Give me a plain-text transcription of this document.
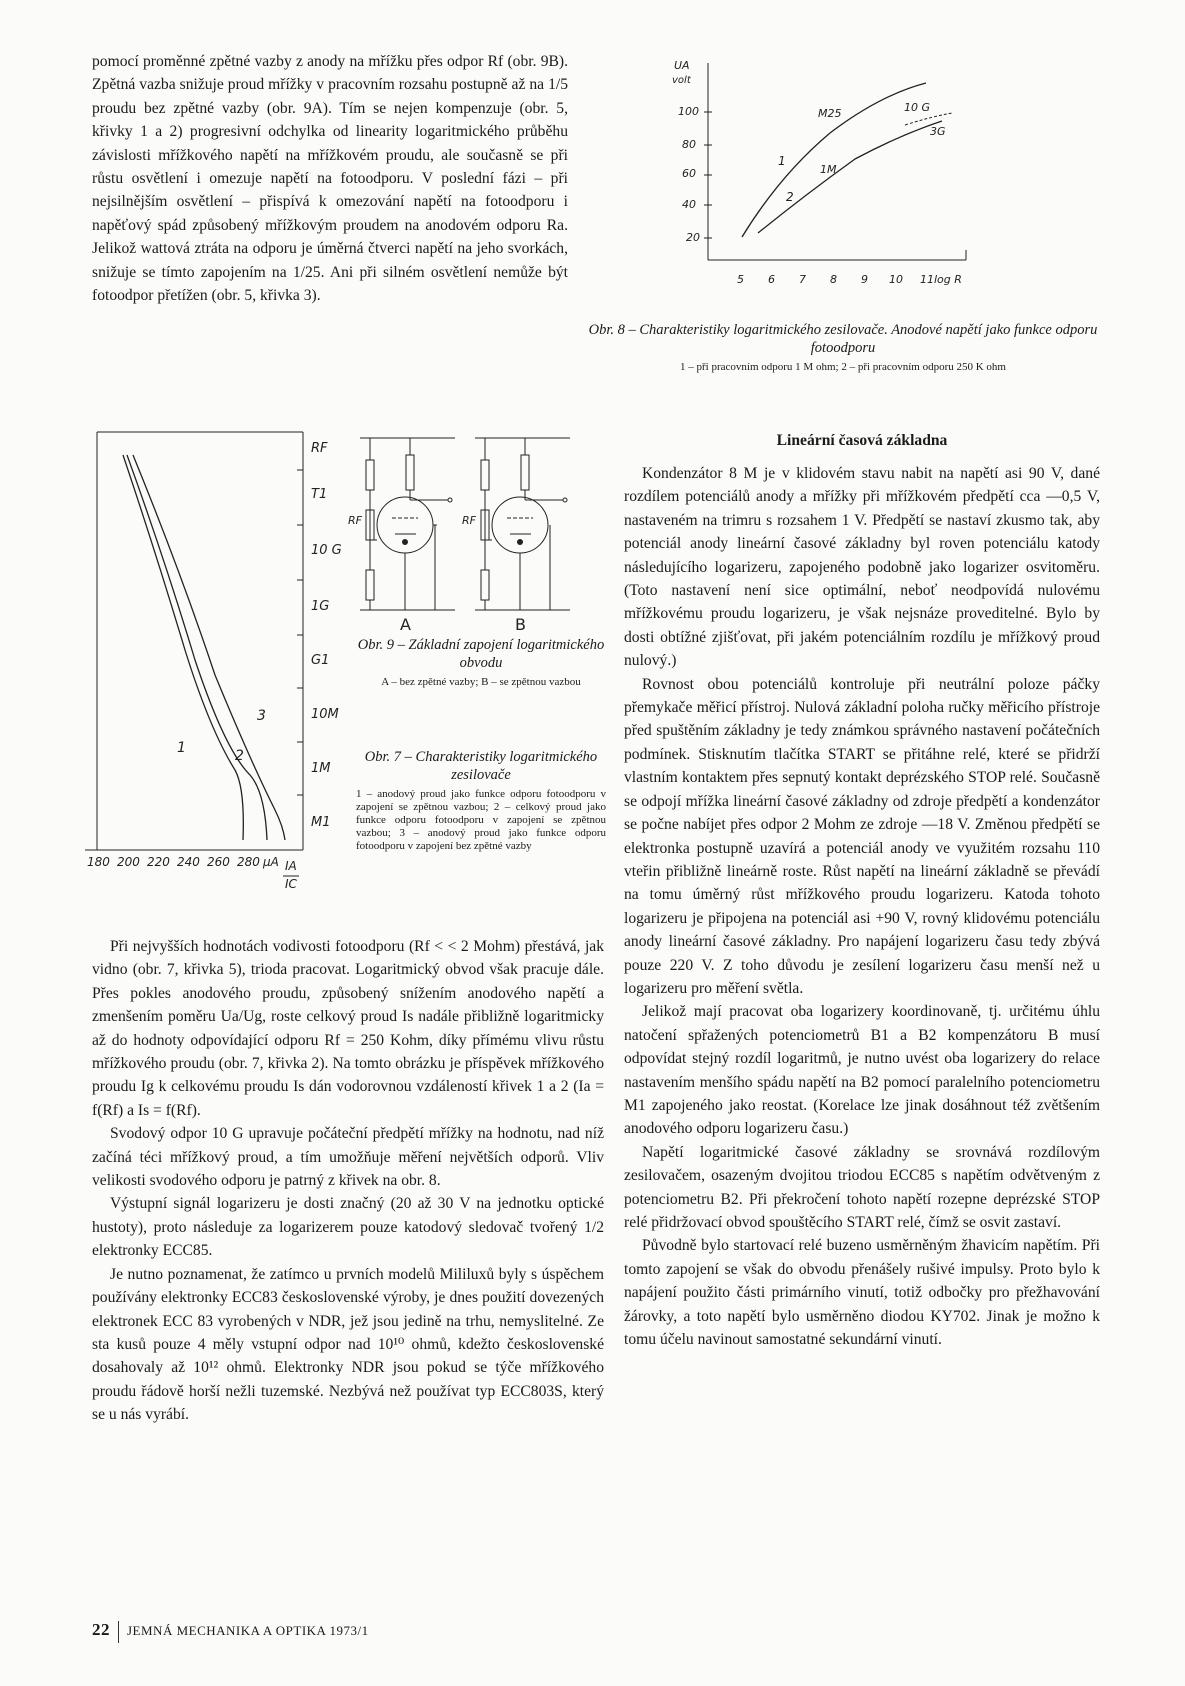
pomocí proměnné zpětné vazby z anody na mřížku přes odpor Rf (obr. 9B). Zpětná vazba snižuje proud mřížky v pracovním rozsahu postupně až na 1/5 proudu bez zpětné vazby (obr. 9A). Tím se nejen kompenzuje (obr. 5, křivky 1 a 2) progresivní odchylka od linearity logaritmického průběhu závislosti mřížkového napětí na mřížkovém proudu, ale současně se při růstu osvětlení i omezuje napětí na fotoodporu. V poslední fázi – při nejsilnějším osvětlení – přispívá k omezování napětí na fotoodporu i napěťový spád způsobený mřížkovým proudem na anodovém odporu Ra. Jelikož wattová ztráta na odporu je úměrná čtverci napětí na jeho svorkách, snižuje se tímto zapojením na 1/25. Ani při silném osvětlení nemůže být fotoodpor přetížen (obr. 5, křivka 3).

UA
volt
100
80
60
40
20
M25	10 G
3G
1M
1
2
5 6 7 8 9 10 11 log R
Obr. 8 – Charakteristiky logaritmického zesilovače. Anodové napětí jako funkce odporu fotoodporu
1 – při pracovním odporu 1 M ohm; 2 – při pracovním odporu 250 K ohm
1	2
3
RF
T1
10 G
1G
G1
10M
1M
M1
180 200 220 240 260 280 μA IA
IC
RF	RF
A	B
Obr. 9 – Základní zapojení logaritmického obvodu
A – bez zpětné vazby; B – se zpětnou vazbou
Obr. 7 – Charakteristiky logaritmického zesilovače
1 – anodový proud jako funkce odporu fotoodporu v zapojení se zpětnou vazbou; 2 – celkový proud jako funkce odporu fotoodporu v zapojení se zpětnou vazbou; 3 – anodový proud jako funkce odporu fotoodporu v zapojení bez zpětné vazby

Při nejvyšších hodnotách vodivosti fotoodporu (Rf < < 2 Mohm) přestává, jak vidno (obr. 7, křivka 5), trioda pracovat. Logaritmický obvod však pracuje dále. Přes pokles anodového proudu, způsobený snížením anodového napětí a zmenšením poměru Ua/Ug, roste celkový proud Is nadále přibližně logaritmicky až do hodnoty odpovídající odporu Rf = 250 Kohm, díky přímému vlivu růstu mřížkového proudu (obr. 7, křivka 2). Na tomto obrázku je příspěvek mřížkového proudu Ig k celkovému proudu Is dán vodorovnou vzdáleností křivek 1 a 2 (Ia = f(Rf) a Is = f(Rf).

Svodový odpor 10 G upravuje počáteční předpětí mřížky na hodnotu, nad níž začíná téci mřížkový proud, a tím umožňuje měření největších odporů. Vliv velikosti svodového odporu je patrný z křivek na obr. 8.

Výstupní signál logarizeru je dosti značný (20 až 30 V na jednotku optické hustoty), proto následuje za logarizerem pouze katodový sledovač tvořený 1/2 elektronky ECC85.

Je nutno poznamenat, že zatímco u prvních modelů Mililuxů byly s úspěchem používány elektronky ECC83 československé výroby, je dnes použití dovezených elektronek ECC 83 vyrobených v NDR, jež jsou jedině na trhu, nemyslitelné. Ze sta kusů pouze 4 měly vstupní odpor nad 10¹⁰ ohmů, kdežto československé dosahovaly až 10¹² ohmů. Elektronky NDR jsou pokud se týče mřížkového proudu řádově horší nežli tuzemské. Nezbývá než používat typ ECC803S, který se u nás vyrábí.

Lineární časová základna

Kondenzátor 8 M je v klidovém stavu nabit na napětí asi 90 V, dané rozdílem potenciálů anody a mřížky při mřížkovém předpětí cca —0,5 V, nastaveném na trimru s rozsahem 1 V. Předpětí se nastaví zkusmo tak, aby potenciál anody lineární časové základny byl roven potenciálu katody následujícího logarizeru, zapojeného podobně jako logarizer osvitoměru. (Toto nastavení není sice optimální, neboť neodpovídá nulovému mřížkovému proudu logarizeru, je však nejsnáze proveditelné. Bylo by dosti obtížné zjišťovat, při jakém potenciálním rozdílu je mřížkový proud nulový.)

Rovnost obou potenciálů kontroluje při neutrální poloze páčky přemykače měřicí přístroj. Nulová základní poloha ručky měřicího přístroje před spuštěním základny je tedy známkou správného nastavení počátečních podmínek. Stisknutím tlačítka START se přitáhne relé, které se přidrží vlastním kontaktem přes sepnutý kontakt deprézského STOP relé. Současně se odpojí mřížka lineární časové základny od zdroje předpětí a kondenzátor se počne nabíjet přes odpor 2 Mohm ze zdroje —18 V. Změnou předpětí se elektronka postupně uzavírá a potenciál anody ve využitém rozsahu 110 vteřin přibližně lineárně roste. Růst napětí na lineární základně se převádí na tomu úměrný růst mřížkového proudu logarizeru. Katoda tohoto logarizeru je připojena na potenciál asi +90 V, rovný klidovému potenciálu anody lineární časové základny. Pro napájení logarizeru času tedy zbývá pouze 220 V. Z toho důvodu je zesílení logarizeru času menší než u logarizeru pro měření světla.

Jelikož mají pracovat oba logarizery koordinovaně, tj. určitému úhlu natočení spřažených potenciometrů B1 a B2 kompenzátoru B musí odpovídat stejný rozdíl logaritmů, je nutno uvést oba logarizery do relace nastavením menšího spádu napětí na B2 pomocí paralelního potenciometru M1 zapojeného jako reostat. (Korelace lze jinak dosáhnout též zvětšením anodového odporu logarizeru času.)

Napětí logaritmické časové základny se srovnává rozdílovým zesilovačem, osazeným dvojitou triodou ECC85 s napětím odvětveným z potenciometru B2. Při překročení tohoto napětí rozepne deprézské STOP relé přidržovací obvod spouštěcího START relé, čímž se osvit zastaví.

Původně bylo startovací relé buzeno usměrněným žhavicím napětím. Při tomto zapojení se však do obvodu přenášely rušivé impulsy. Proto bylo k napájení použito části primárního vinutí, totiž odbočky pro přežhavování žárovky, a toto napětí bylo usměrněno diodou KY702. Jinak je možno k tomu účelu navinout samostatné sekundární vinutí.

22 JEMNÁ MECHANIKA A OPTIKA 1973/1
